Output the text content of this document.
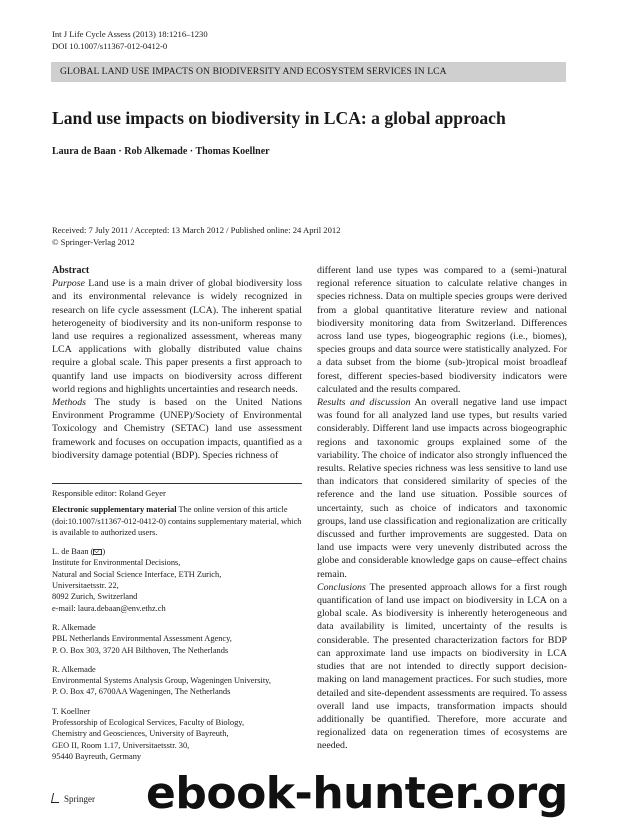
Int J Life Cycle Assess (2013) 18:1216–1230
DOI 10.1007/s11367-012-0412-0
GLOBAL LAND USE IMPACTS ON BIODIVERSITY AND ECOSYSTEM SERVICES IN LCA
Land use impacts on biodiversity in LCA: a global approach
Laura de Baan · Rob Alkemade · Thomas Koellner
Received: 7 July 2011 / Accepted: 13 March 2012 / Published online: 24 April 2012
© Springer-Verlag 2012
Abstract
Purpose Land use is a main driver of global biodiversity loss and its environmental relevance is widely recognized in research on life cycle assessment (LCA). The inherent spatial heterogeneity of biodiversity and its non-uniform response to land use requires a regionalized assessment, whereas many LCA applications with globally distributed value chains require a global scale. This paper presents a first approach to quantify land use impacts on biodiversity across different world regions and highlights uncertainties and research needs.
Methods The study is based on the United Nations Environment Programme (UNEP)/Society of Environmental Toxicology and Chemistry (SETAC) land use assessment framework and focuses on occupation impacts, quantified as a biodiversity damage potential (BDP). Species richness of

Responsible editor: Roland Geyer

Electronic supplementary material The online version of this article (doi:10.1007/s11367-012-0412-0) contains supplementary material, which is available to authorized users.

L. de Baan ( )
Institute for Environmental Decisions,
Natural and Social Science Interface, ETH Zurich,
Universitaetsstr. 22,
8092 Zurich, Switzerland
e-mail: laura.debaan@env.ethz.ch
R. Alkemade
PBL Netherlands Environmental Assessment Agency,
P. O. Box 303, 3720 AH Bilthoven, The Netherlands
R. Alkemade
Environmental Systems Analysis Group, Wageningen University,
P. O. Box 47, 6700AA Wageningen, The Netherlands
T. Koellner
Professorship of Ecological Services, Faculty of Biology,
Chemistry and Geosciences, University of Bayreuth,
GEO II, Room 1.17, Universitaetsstr. 30,
95440 Bayreuth, Germany
different land use types was compared to a (semi-)natural regional reference situation to calculate relative changes in species richness. Data on multiple species groups were derived from a global quantitative literature review and national biodiversity monitoring data from Switzerland. Differences across land use types, biogeographic regions (i.e., biomes), species groups and data source were statistically analyzed. For a data subset from the biome (sub-)tropical moist broadleaf forest, different species-based biodiversity indicators were calculated and the results compared.
Results and discussion An overall negative land use impact was found for all analyzed land use types, but results varied considerably. Different land use impacts across biogeographic regions and taxonomic groups explained some of the variability. The choice of indicator also strongly influenced the results. Relative species richness was less sensitive to land use than indicators that considered similarity of species of the reference and the land use situation. Possible sources of uncertainty, such as choice of indicators and taxonomic groups, land use classification and regionalization are critically discussed and further improvements are suggested. Data on land use impacts were very unevenly distributed across the globe and considerable knowledge gaps on cause–effect chains remain.
Conclusions The presented approach allows for a first rough quantification of land use impact on biodiversity in LCA on a global scale. As biodiversity is inherently heterogeneous and data availability is limited, uncertainty of the results is considerable. The presented characterization factors for BDP can approximate land use impacts on biodiversity in LCA studies that are not intended to directly support decision-making on land management practices. For such studies, more detailed and site-dependent assessments are required. To assess overall land use impacts, transformation impacts should additionally be quantified. Therefore, more accurate and regionalized data on regeneration times of ecosystems are needed.
Springer ebook-hunter.org
